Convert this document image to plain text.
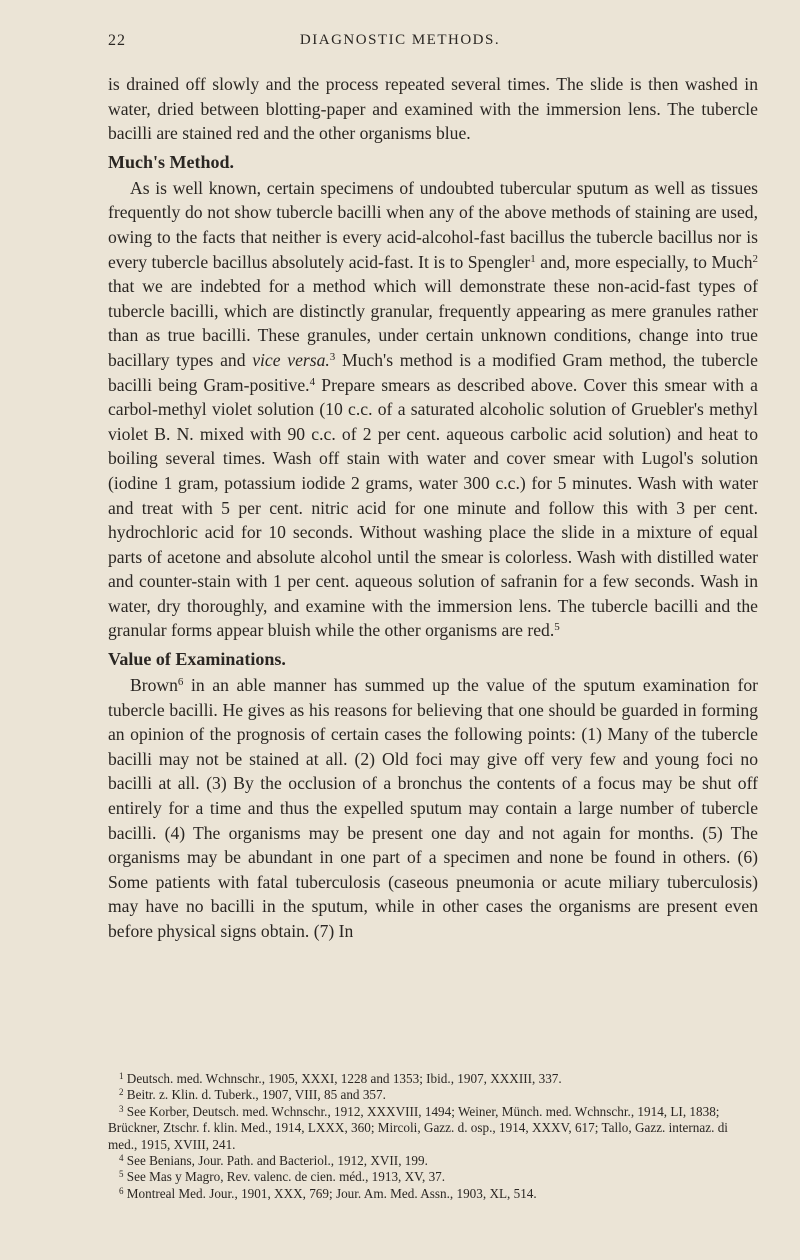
22	DIAGNOSTIC METHODS.

is drained off slowly and the process repeated several times. The slide is then washed in water, dried between blotting-paper and examined with the immersion lens. The tubercle bacilli are stained red and the other organisms blue.

Much's Method.

As is well known, certain specimens of undoubted tubercular sputum as well as tissues frequently do not show tubercle bacilli when any of the above methods of staining are used, owing to the facts that neither is every acid-alcohol-fast bacillus the tubercle bacillus nor is every tubercle bacillus absolutely acid-fast. It is to Spengler$^1$ and, more especially, to Much$^2$ that we are indebted for a method which will demonstrate these non-acid-fast types of tubercle bacilli, which are distinctly granular, frequently appearing as mere granules rather than as true bacilli. These granules, under certain unknown conditions, change into true bacillary types and vice versa.$^3$ Much's method is a modified Gram method, the tubercle bacilli being Gram-positive.$^4$ Prepare smears as described above. Cover this smear with a carbol-methyl violet solution (10 c.c. of a saturated alcoholic solution of Gruebler's methyl violet B. N. mixed with 90 c.c. of 2 per cent. aqueous carbolic acid solution) and heat to boiling several times. Wash off stain with water and cover smear with Lugol's solution (iodine 1 gram, potassium iodide 2 grams, water 300 c.c.) for 5 minutes. Wash with water and treat with 5 per cent. nitric acid for one minute and follow this with 3 per cent. hydrochloric acid for 10 seconds. Without washing place the slide in a mixture of equal parts of acetone and absolute alcohol until the smear is colorless. Wash with distilled water and counter-stain with 1 per cent. aqueous solution of safranin for a few seconds. Wash in water, dry thoroughly, and examine with the immersion lens. The tubercle bacilli and the granular forms appear bluish while the other organisms are red.$^5$

Value of Examinations.

Brown$^6$ in an able manner has summed up the value of the sputum examination for tubercle bacilli. He gives as his reasons for believing that one should be guarded in forming an opinion of the prognosis of certain cases the following points: (1) Many of the tubercle bacilli may not be stained at all. (2) Old foci may give off very few and young foci no bacilli at all. (3) By the occlusion of a bronchus the contents of a focus may be shut off entirely for a time and thus the expelled sputum may contain a large number of tubercle bacilli. (4) The organisms may be present one day and not again for months. (5) The organisms may be abundant in one part of a specimen and none be found in others. (6) Some patients with fatal tuberculosis (caseous pneumonia or acute miliary tuberculosis) may have no bacilli in the sputum, while in other cases the organisms are present even before physical signs obtain. (7) In

$^1$ Deutsch. med. Wchnschr., 1905, XXXI, 1228 and 1353; Ibid., 1907, XXXIII, 337.

$^2$ Beitr. z. Klin. d. Tuberk., 1907, VIII, 85 and 357.

$^3$ See Korber, Deutsch. med. Wchnschr., 1912, XXXVIII, 1494; Weiner, Münch. med. Wchnschr., 1914, LI, 1838; Brückner, Ztschr. f. klin. Med., 1914, LXXX, 360; Mircoli, Gazz. d. osp., 1914, XXXV, 617; Tallo, Gazz. internaz. di med., 1915, XVIII, 241.

$^4$ See Benians, Jour. Path. and Bacteriol., 1912, XVII, 199.

$^5$ See Mas y Magro, Rev. valenc. de cien. méd., 1913, XV, 37.

$^6$ Montreal Med. Jour., 1901, XXX, 769; Jour. Am. Med. Assn., 1903, XL, 514.
